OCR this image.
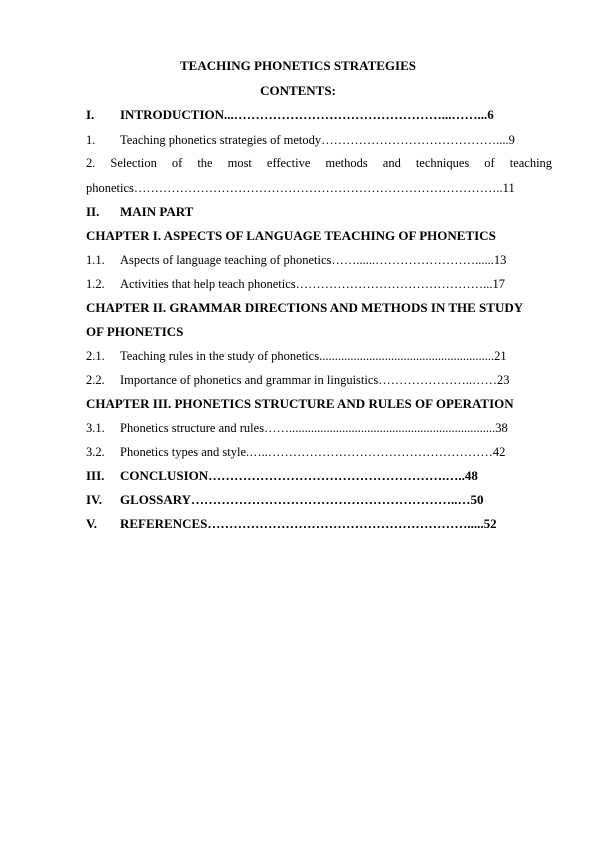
TEACHING PHONETICS STRATEGIES
CONTENTS:
I. INTRODUCTION...…………………………………………...……...6
1. Teaching phonetics strategies of metody……………………………………....9
2. Selection of the most effective methods and techniques of teaching
phonetics……………………………………………………………………………..11
II. MAIN PART
CHAPTER I. ASPECTS OF LANGUAGE TEACHING OF PHONETICS
1.1. Aspects of language teaching of phonetics……......……………………......13
1.2. Activities that help teach phonetics………………………………………...17
CHAPTER II. GRAMMAR DIRECTIONS AND METHODS IN THE STUDY
OF PHONETICS
2.1. Teaching rules in the study of phonetics........................................................21
2.2. Importance of phonetics and grammar in linguistics…………………..……23
CHAPTER III. PHONETICS STRUCTURE AND RULES OF OPERATION
3.1. Phonetics structure and rules……..................................................................38
3.2. Phonetics types and style.…..………………………………………………42
III. CONCLUSION……………………………………………….…..48
IV. GLOSSARY……………………………………………………..…50
V. REFERENCES…………………………………………………….....52
